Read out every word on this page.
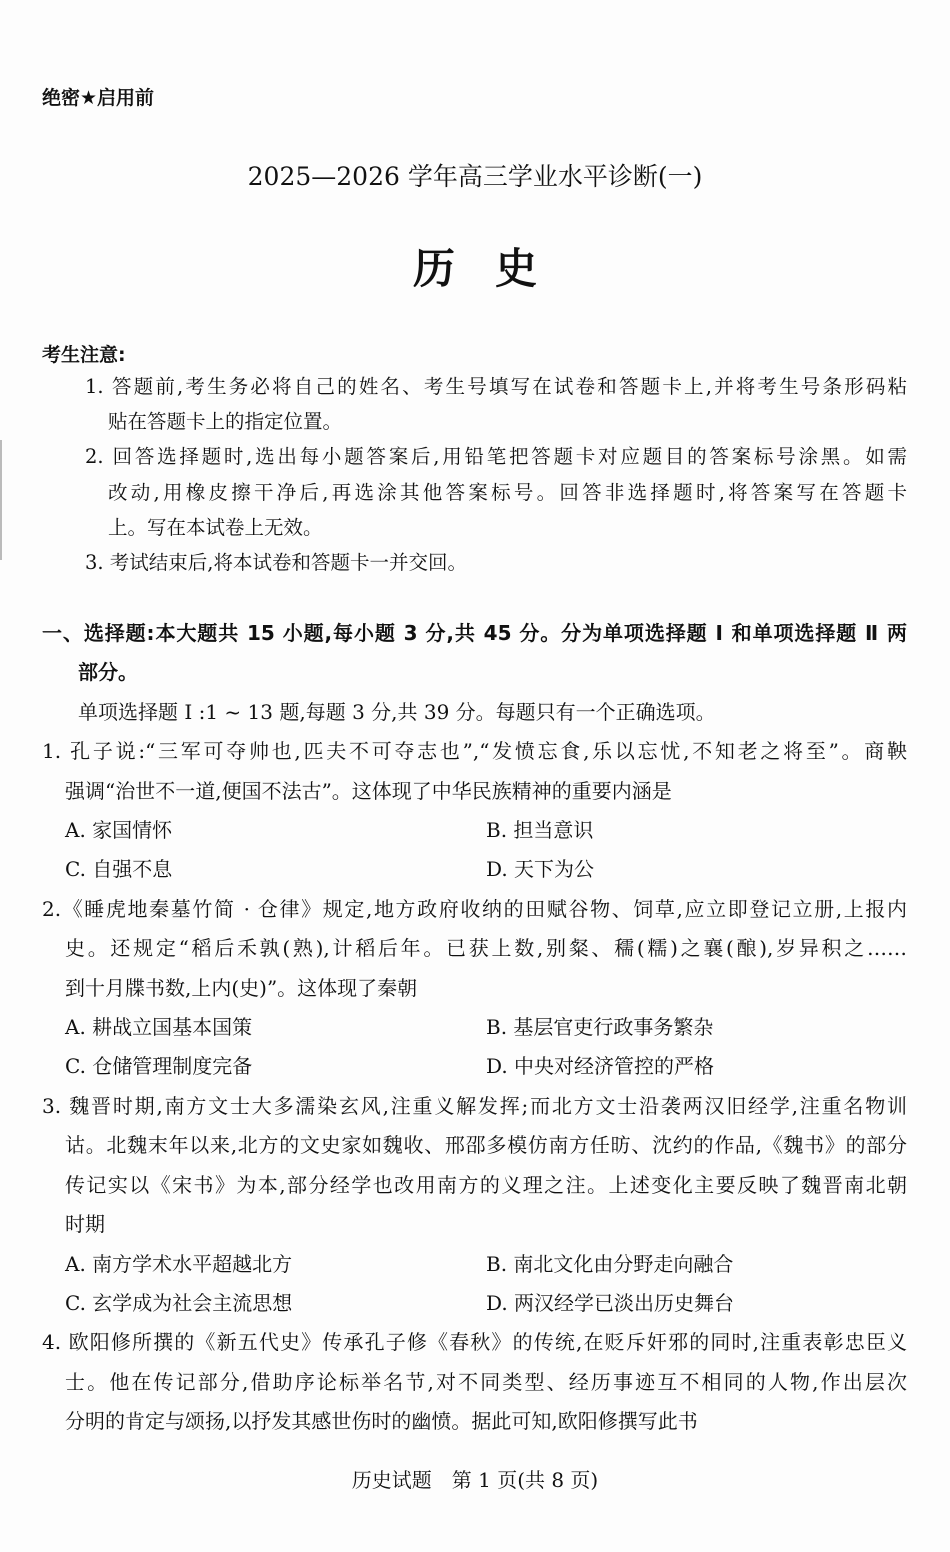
绝密★启用前
2025—2026 学年高三学业水平诊断(一)
历史
考生注意:
1. 答题前,考生务必将自己的姓名、考生号填写在试卷和答题卡上,并将考生号条形码粘
贴在答题卡上的指定位置。
2. 回答选择题时,选出每小题答案后,用铅笔把答题卡对应题目的答案标号涂黑。如需
改动,用橡皮擦干净后,再选涂其他答案标号。回答非选择题时,将答案写在答题卡
上。写在本试卷上无效。
3. 考试结束后,将本试卷和答题卡一并交回。
一、选择题:本大题共 15 小题,每小题 3 分,共 45 分。分为单项选择题 Ⅰ 和单项选择题 Ⅱ 两
部分。
单项选择题 Ⅰ :1 ~ 13 题,每题 3 分,共 39 分。每题只有一个正确选项。
1. 孔子说:“三军可夺帅也,匹夫不可夺志也”,“发愤忘食,乐以忘忧,不知老之将至”。商鞅
强调“治世不一道,便国不法古”。这体现了中华民族精神的重要内涵是
A. 家国情怀	B. 担当意识
C. 自强不息	D. 天下为公
2.《睡虎地秦墓竹简 · 仓律》规定,地方政府收纳的田赋谷物、饲草,应立即登记立册,上报内
史。还规定“稻后禾孰(熟),计稻后年。已获上数,别粲、穤(糯)之襄(酿),岁异积之……
到十月牒书数,上内(史)”。这体现了秦朝
A. 耕战立国基本国策	B. 基层官吏行政事务繁杂
C. 仓储管理制度完备	D. 中央对经济管控的严格
3. 魏晋时期,南方文士大多濡染玄风,注重义解发挥;而北方文士沿袭两汉旧经学,注重名物训
诂。北魏末年以来,北方的文史家如魏收、邢邵多模仿南方任昉、沈约的作品,《魏书》的部分
传记实以《宋书》为本,部分经学也改用南方的义理之注。上述变化主要反映了魏晋南北朝
时期
A. 南方学术水平超越北方	B. 南北文化由分野走向融合
C. 玄学成为社会主流思想	D. 两汉经学已淡出历史舞台
4. 欧阳修所撰的《新五代史》传承孔子修《春秋》的传统,在贬斥奸邪的同时,注重表彰忠臣义
士。他在传记部分,借助序论标举名节,对不同类型、经历事迹互不相同的人物,作出层次
分明的肯定与颂扬,以抒发其感世伤时的幽愤。据此可知,欧阳修撰写此书
历史试题　第 1 页(共 8 页)
